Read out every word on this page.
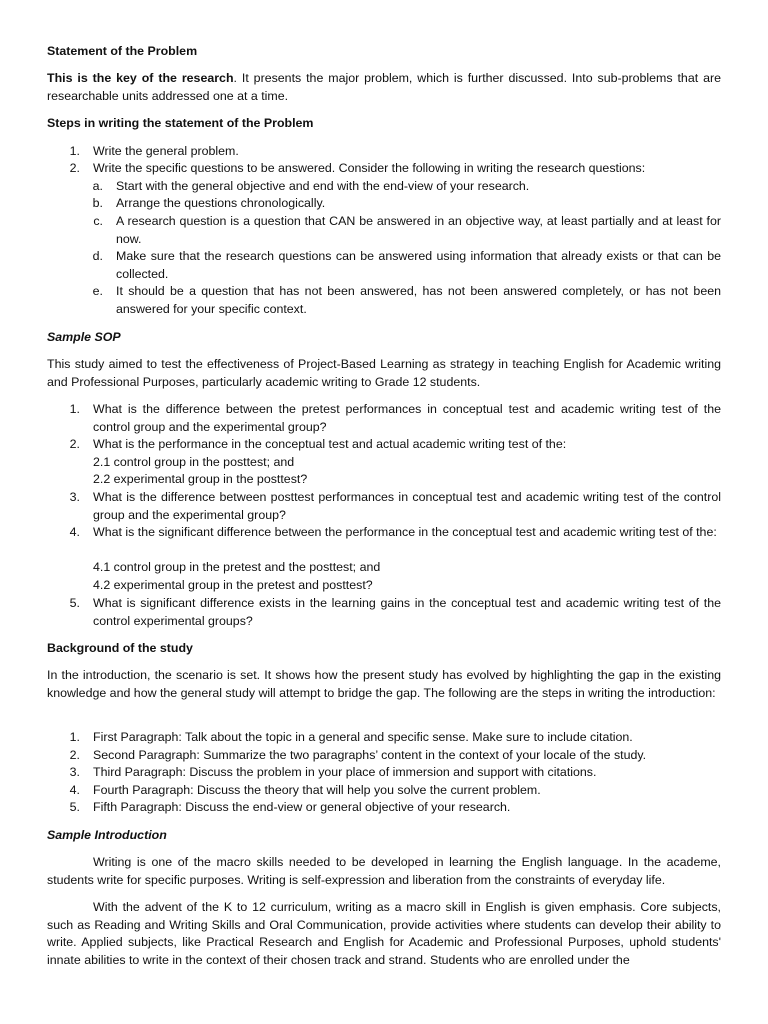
Statement of the Problem

This is the key of the research. It presents the major problem, which is further discussed. Into sub-problems that are researchable units addressed one at a time.

Steps in writing the statement of the Problem

1. Write the general problem.

2. Write the specific questions to be answered. Consider the following in writing the research questions:

a. Start with the general objective and end with the end-view of your research.

b. Arrange the questions chronologically.

c. A research question is a question that CAN be answered in an objective way, at least partially and at least for now.

d. Make sure that the research questions can be answered using information that already exists or that can be collected.

e. It should be a question that has not been answered, has not been answered completely, or has not been answered for your specific context.

Sample SOP

This study aimed to test the effectiveness of Project-Based Learning as strategy in teaching English for Academic writing and Professional Purposes, particularly academic writing to Grade 12 students.

1. What is the difference between the pretest performances in conceptual test and academic writing test of the control group and the experimental group?

2. What is the performance in the conceptual test and actual academic writing test of the:

2.1 control group in the posttest; and

2.2 experimental group in the posttest?

3. What is the difference between posttest performances in conceptual test and academic writing test of the control group and the experimental group?

4. What is the significant difference between the performance in the conceptual test and academic writing test of the:

4.1 control group in the pretest and the posttest; and

4.2 experimental group in the pretest and posttest?

5. What is significant difference exists in the learning gains in the conceptual test and academic writing test of the control experimental groups?

Background of the study

In the introduction, the scenario is set. It shows how the present study has evolved by highlighting the gap in the existing knowledge and how the general study will attempt to bridge the gap. The following are the steps in writing the introduction:

1. First Paragraph: Talk about the topic in a general and specific sense. Make sure to include citation.

2. Second Paragraph: Summarize the two paragraphs’ content in the context of your locale of the study.

3. Third Paragraph: Discuss the problem in your place of immersion and support with citations.

4. Fourth Paragraph: Discuss the theory that will help you solve the current problem.

5. Fifth Paragraph: Discuss the end-view or general objective of your research.

Sample Introduction

Writing is one of the macro skills needed to be developed in learning the English language. In the academe, students write for specific purposes. Writing is self-expression and liberation from the constraints of everyday life.

With the advent of the K to 12 curriculum, writing as a macro skill in English is given emphasis. Core subjects, such as Reading and Writing Skills and Oral Communication, provide activities where students can develop their ability to write. Applied subjects, like Practical Research and English for Academic and Professional Purposes, uphold students' innate abilities to write in the context of their chosen track and strand. Students who are enrolled under the
